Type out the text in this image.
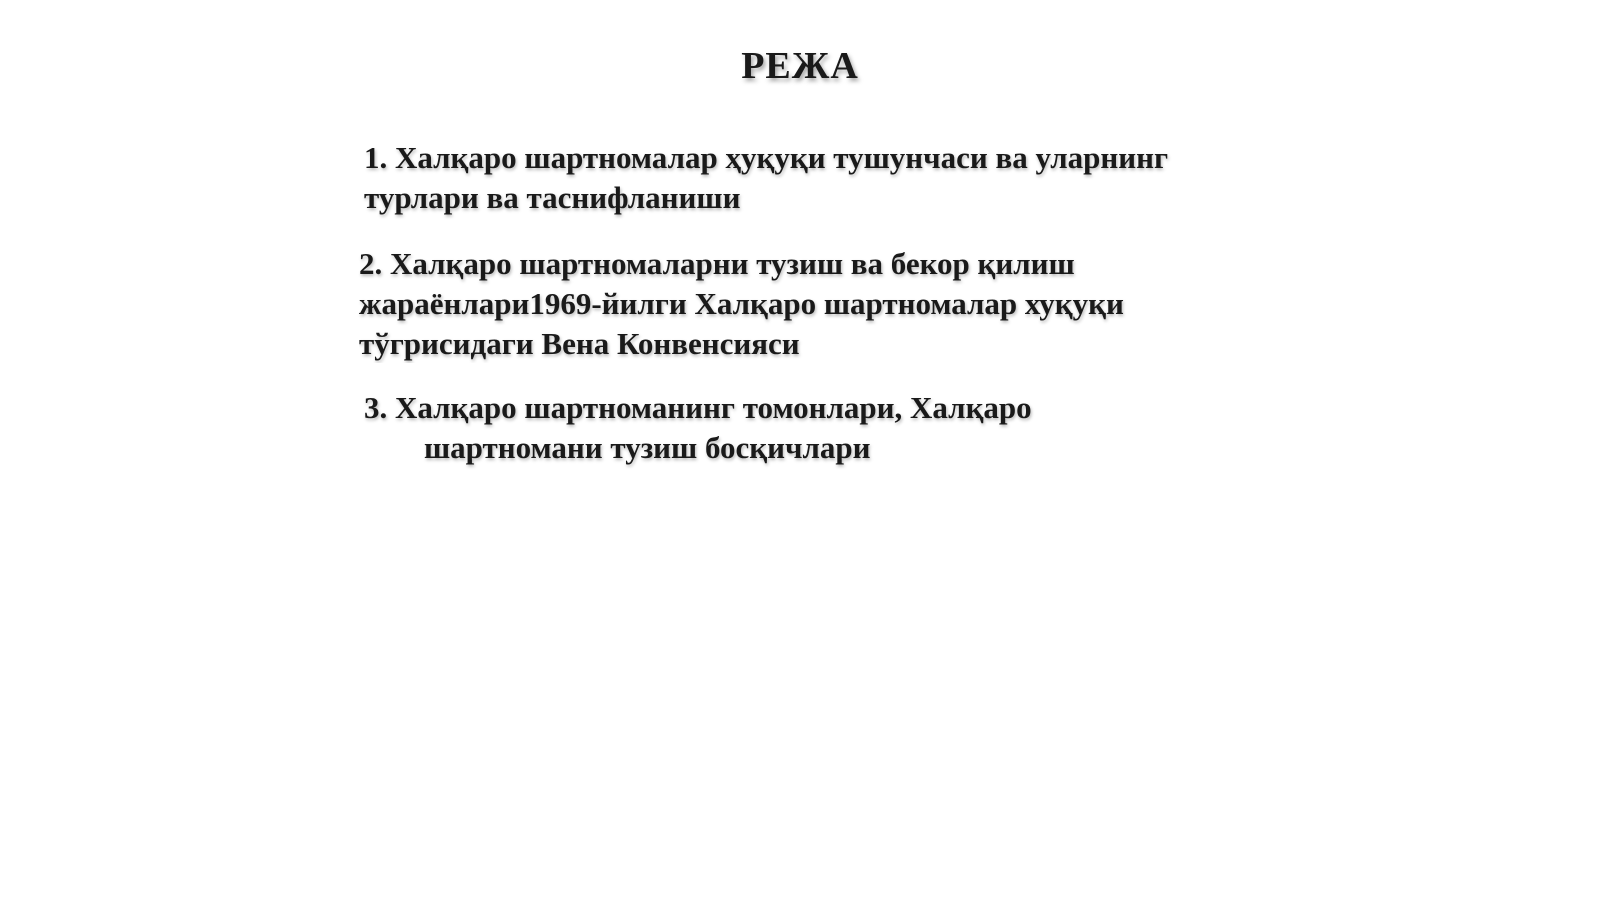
РЕЖА
1. Халқаро шартномалар ҳуқуқи тушунчаси ва уларнинг
турлари ва таснифланиши
2. Халқаро шартномаларни тузиш ва бекор қилиш
жараёнлари1969-йилги Халқаро шартномалар хуқуқи
тўгрисидаги Вена Конвенсияси
3. Халқаро шартноманинг томонлари, Халқаро
шартномани тузиш босқичлари
